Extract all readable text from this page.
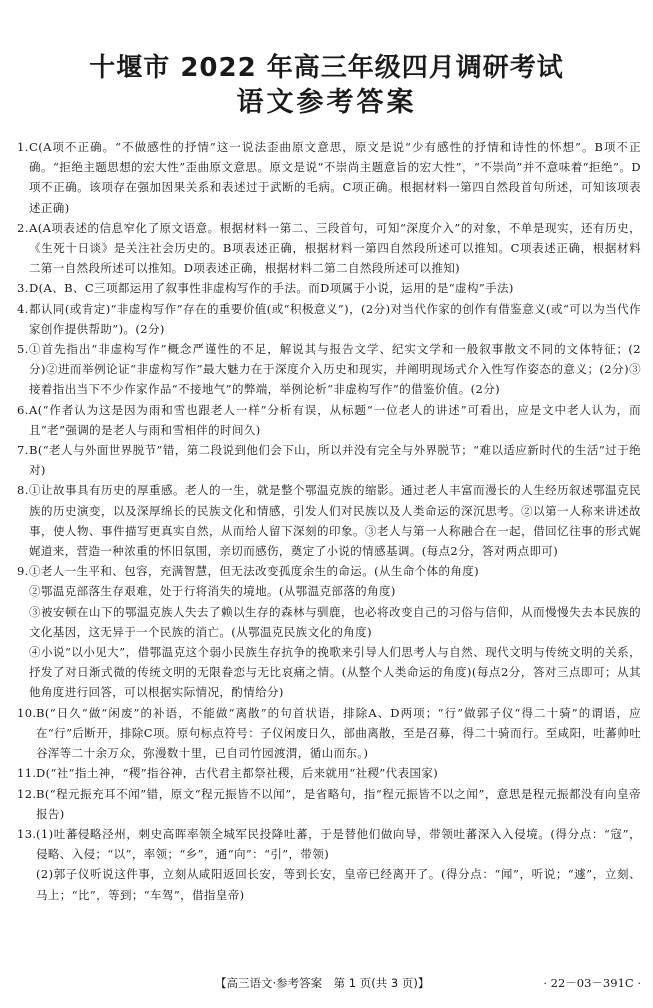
十堰市 2022 年高三年级四月调研考试
语文参考答案
1. C(A项不正确。“不做感性的抒情”这一说法歪曲原文意思，原文是说“少有感性的抒情和诗性的怀想”。B项不正确。“拒绝主题思想的宏大性”歪曲原文意思。原文是说“不崇尚主题意旨的宏大性”，“不崇尚”并不意味着“拒绝”。D项不正确。该项存在强加因果关系和表述过于武断的毛病。C项正确。根据材料一第四自然段首句所述，可知该项表述正确)
2. A(A项表述的信息窄化了原文语意。根据材料一第二、三段首句，可知“深度介入”的对象，不单是现实，还有历史，《生死十日谈》是关注社会历史的。B项表述正确，根据材料一第四自然段所述可以推知。C项表述正确，根据材料二第一自然段所述可以推知。D项表述正确，根据材料二第二自然段所述可以推知)
3. D(A、B、C三项都运用了叙事性非虚构写作的手法。而D项属于小说，运用的是“虚构”手法)
4. 都认同(或肯定)“非虚构写作”存在的重要价值(或“积极意义”)，(2分)对当代作家的创作有借鉴意义(或“可以为当代作家创作提供帮助”)。(2分)
5. ①首先指出“非虚构写作”概念严谨性的不足，解说其与报告文学、纪实文学和一般叙事散文不同的文体特征；(2分)②进而举例论证“非虚构写作”最大魅力在于深度介入历史和现实，并阐明现场式介入性写作姿态的意义；(2分)③接着指出当下不少作家作品“不接地气”的弊端，举例论析“非虚构写作”的借鉴价值。(2分)
6. A(“作者认为这是因为雨和雪也跟老人一样”分析有误，从标题“一位老人的讲述”可看出，应是文中老人认为，而且“老”强调的是老人与雨和雪相伴的时间久)
7. B(“老人与外面世界脱节”错，第二段说到他们会下山，所以并没有完全与外界脱节；“难以适应新时代的生活”过于绝对)
8. ①让故事具有历史的厚重感。老人的一生，就是整个鄂温克族的缩影。通过老人丰富而漫长的人生经历叙述鄂温克民族的历史演变，以及深厚绵长的民族文化和情感，引发人们对民族以及人类命运的深沉思考。②以第一人称来讲述故事，使人物、事件描写更真实自然，从而给人留下深刻的印象。③老人与第一人称融合在一起，借回忆往事的形式娓娓道来，营造一种浓重的怀旧氛围，亲切而感伤，奠定了小说的情感基调。(每点2分，答对两点即可)
9. ①老人一生平和、包容，充满智慧，但无法改变孤度余生的命运。(从生命个体的角度)
②鄂温克部落生存艰难，处于行将消失的境地。(从鄂温克部落的角度)
③被安顿在山下的鄂温克族人失去了赖以生存的森林与驯鹿，也必将改变自己的习俗与信仰，从而慢慢失去本民族的文化基因，这无异于一个民族的消亡。(从鄂温克民族文化的角度)
④小说“以小见大”，借鄂温克这个弱小民族生存抗争的挽歌来引导人们思考人与自然、现代文明与传统文明的关系，抒发了对日渐式微的传统文明的无限眷恋与无比哀痛之情。(从整个人类命运的角度)(每点2分，答对三点即可；从其他角度进行回答，可以根据实际情况，酌情给分)
10. B(“日久”做“闲废”的补语，不能做“离散”的句首状语，排除A、D两项；“行”做郭子仪“得二十骑”的谓语，应在“行”后断开，排除C项。原句标点符号：子仪闲废日久，部曲离散，至是召募，得二十骑而行。至咸阳，吐蕃帅吐谷浑等二十余万众，弥漫数十里，已自司竹园渡渭，循山而东。)
11. D(“社”指土神，“稷”指谷神，古代君主都祭社稷，后来就用“社稷”代表国家)
12. B(“程元振充耳不闻”错，原文“程元振皆不以闻”，是省略句，指“程元振皆不以之闻”，意思是程元振都没有向皇帝报告)
13. (1)吐蕃侵略泾州，刺史高晖率领全城军民投降吐蕃，于是替他们做向导，带领吐蕃深入入侵境。(得分点：“寇”，侵略、入侵；“以”，率领；“乡”，通“向”：“引”，带领)
(2)郭子仪听说这件事，立刻从咸阳返回长安，等到长安，皇帝已经离开了。(得分点：“闻”，听说；“遽”，立刻、马上；“比”，等到；“车驾”，借指皇帝)
【高三语文·参考答案　第 1 页(共 3 页)】	· 22－03－391C ·
